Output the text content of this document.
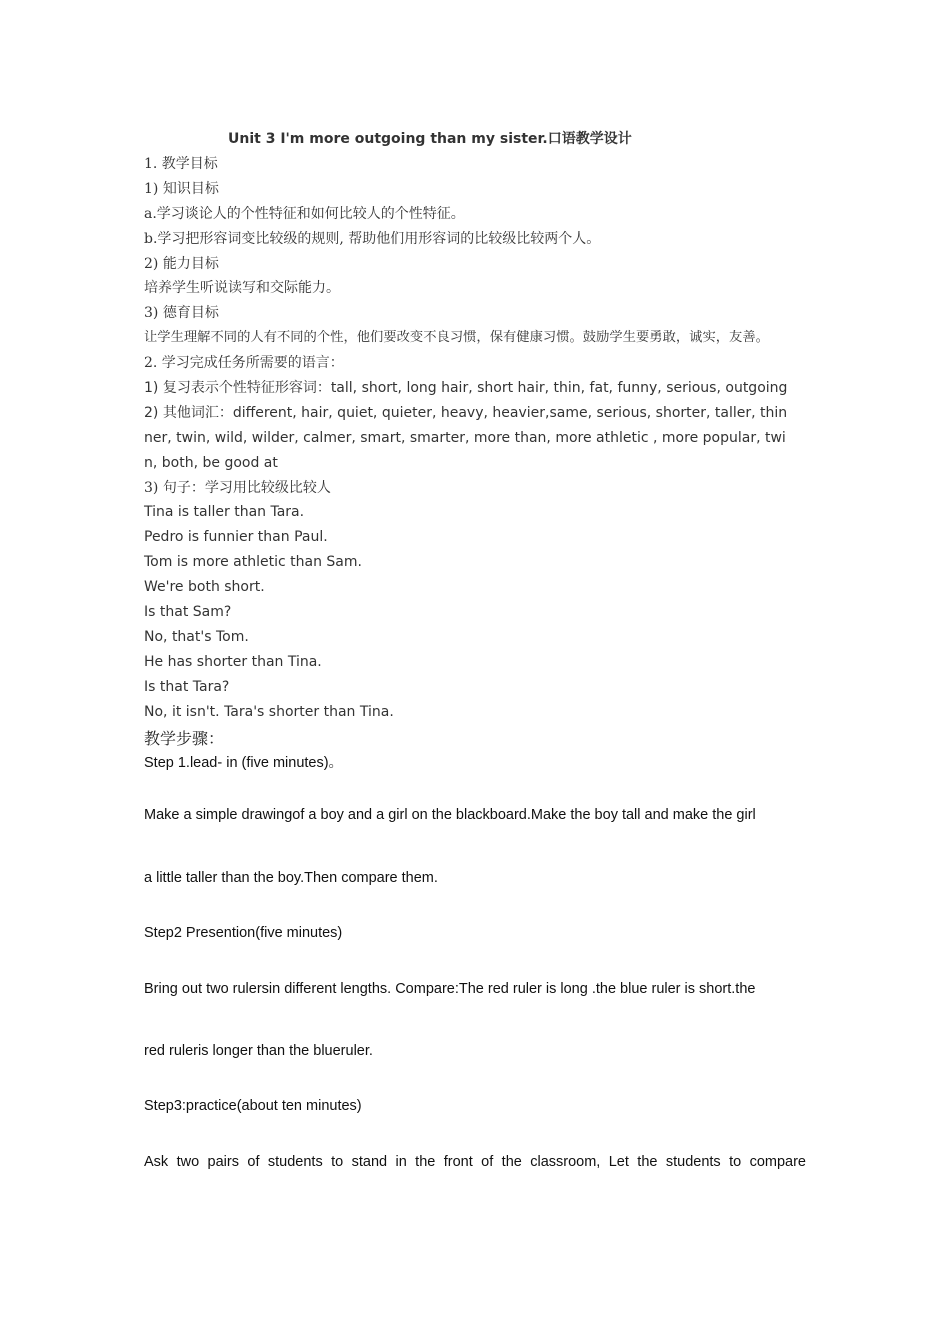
Unit 3 I'm more outgoing than my sister.口语教学设计
1. 教学目标
1) 知识目标
a.学习谈论人的个性特征和如何比较人的个性特征。
b.学习把形容词变比较级的规则, 帮助他们用形容词的比较级比较两个人。
2) 能力目标
培养学生听说读写和交际能力。
3) 德育目标
让学生理解不同的人有不同的个性，他们要改变不良习惯，保有健康习惯。鼓励学生要勇敢，诚实，友善。
2. 学习完成任务所需要的语言：
1) 复习表示个性特征形容词：tall, short, long hair, short hair, thin, fat, funny, serious, outgoing
2) 其他词汇：different, hair, quiet, quieter, heavy, heavier,same, serious, shorter, taller, thin
ner, twin, wild, wilder, calmer, smart, smarter, more than, more athletic , more popular, twi
n, both, be good at
3) 句子：学习用比较级比较人
Tina is taller than Tara.
Pedro is funnier than Paul.
Tom is more athletic than Sam.
We're both short.
Is that Sam?
No, that's Tom.
He has shorter than Tina.
Is that Tara?
No, it isn't. Tara's shorter than Tina.
教学步骤：
Step 1.lead- in (five minutes)。
Make a simple drawingof a boy and a girl on the blackboard.Make the boy tall and make the girl
a little taller than the boy.Then compare them.
Step2 Presention(five minutes)
Bring out two rulersin different lengths. Compare:The red ruler is long .the blue ruler is short.the
red ruleris longer than the blueruler.
Step3:practice(about ten minutes)
Ask two pairs of students to stand in the front of the classroom, Let the students to compare
